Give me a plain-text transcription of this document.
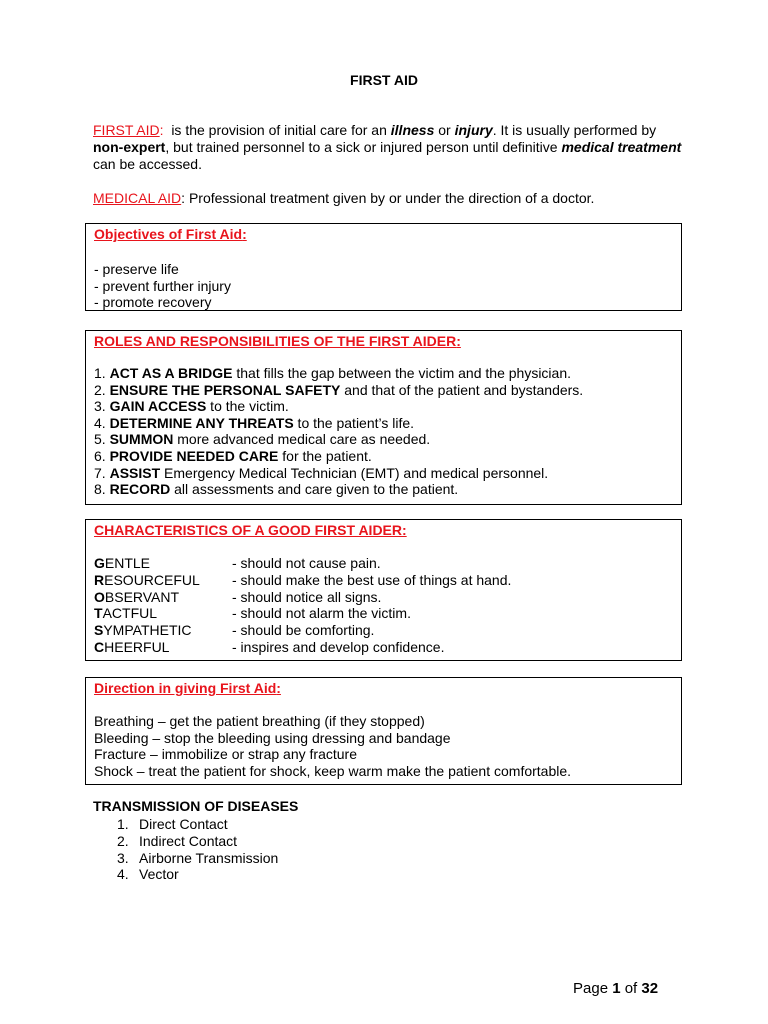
FIRST AID
FIRST AID:  is the provision of initial care for an illness or injury. It is usually performed by non-expert, but trained personnel to a sick or injured person until definitive medical treatment can be accessed.
MEDICAL AID: Professional treatment given by or under the direction of a doctor.
Objectives of First Aid:
- preserve life
- prevent further injury
- promote recovery
ROLES AND RESPONSIBILITIES OF THE FIRST AIDER:
1. ACT AS A BRIDGE that fills the gap between the victim and the physician.
2. ENSURE THE PERSONAL SAFETY and that of the patient and bystanders.
3. GAIN ACCESS to the victim.
4. DETERMINE ANY THREATS to the patient’s life.
5. SUMMON more advanced medical care as needed.
6. PROVIDE NEEDED CARE for the patient.
7. ASSIST Emergency Medical Technician (EMT) and medical personnel.
8. RECORD all assessments and care given to the patient.
CHARACTERISTICS OF A GOOD FIRST AIDER:
GENTLE	- should not cause pain.
RESOURCEFUL	- should make the best use of things at hand.
OBSERVANT	- should notice all signs.
TACTFUL	- should not alarm the victim.
SYMPATHETIC	- should be comforting.
CHEERFUL	- inspires and develop confidence.
Direction in giving First Aid:
Breathing – get the patient breathing (if they stopped)
Bleeding – stop the bleeding using dressing and bandage
Fracture – immobilize or strap any fracture
Shock – treat the patient for shock, keep warm make the patient comfortable.
TRANSMISSION OF DISEASES
1. Direct Contact
2. Indirect Contact
3. Airborne Transmission
4. Vector
Page 1 of 32
